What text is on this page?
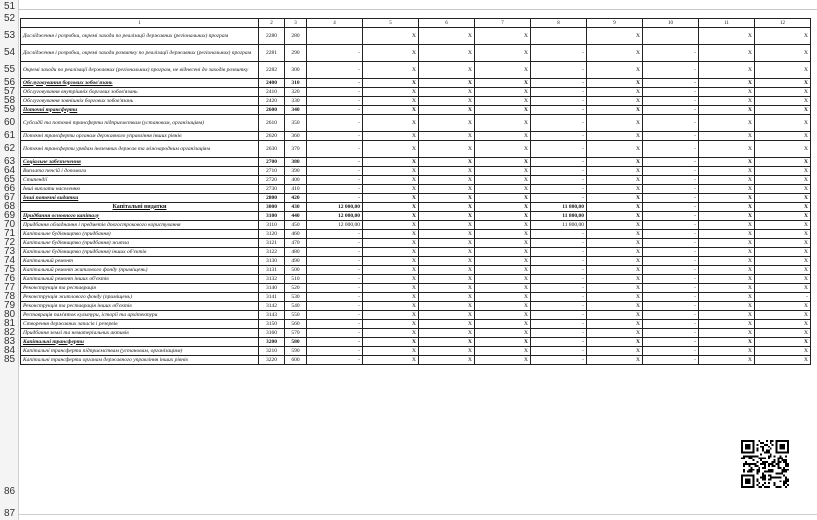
51
52
53
54
55
56
57
58
59
60
61
62
63
64
65
66
67
68
69
70
71
72
73
74
75
76
77
78
79
80
81
82
83
84
85
86
87
1	2	3	4	5	6	7	8	9	10	11	12
Дослідження і розробки, окремі заходи по реалізації державних (регіональних) програм	2280	280		X	X	X		X		X	X
Дослідження і розробки, окремі заходи розвитку по реалізації державних (регіональних) програм	2281	290	-	X	X	X	-	X	-	X	X
Окремі заходи по реалізації державних (регіональних) програм, не віднесені до заходів розвитку	2282	300	-	X	X	X	-	X	-	X	X
Обслуговування боргових зобов'язань	2400	310	-	X	X	X	-	X	-	X	X
Обслуговування внутрішніх боргових зобов'язань	2410	320	-	X	X	X	-	X	-	X	X
Обслуговування зовнішніх боргових зобов'язань	2420	330	-	X	X	X	-	X	-	X	X
Поточні трансферти	2600	340	-	X	X	X	-	X	-	X	X
Субсидії та поточні трансферти підприємствам (установам, організаціям)	2610	350	-	X	X	X	-	X	-	X	X
Поточні трансферти органам державного управління інших рівнів	2620	360	-	X	X	X	-	X	-	X	X
Поточні трансферти урядам іноземних держав та міжнародним організаціям	2630	370	-	X	X	X	-	X	-	X	X
Соціальне забезпечення	2700	380	-	X	X	X	-	X	-	X	X
Виплата пенсій і допомоги	2710	390	-	X	X	X	-	X	-	X	X
Стипендії	2720	400	-	X	X	X	-	X	-	X	X
Інші виплати населенню	2730	410	-	X	X	X	-	X	-	X	X
Інші поточні видатки	2800	420	-	X	X	X	-	X	-	X	X
Капітальні видатки	3000	430	12 000,00	X	X	X	11 800,00	X	-	X	X
Придбання основного капіталу	3100	440	12 000,00	X	X	X	11 800,00	X	-	X	X
Придбання обладнання і предметів довгострокового користування	3110	450	12 000,00	X	X	X	11 800,00	X	-	X	X
Капітальне будівництво (придбання)	3120	460	-	X	X	X	-	X	-	X	X
Капітальне будівництво (придбання) житла	3121	470	-	X	X	X	-	X	-	X	X
Капітальне будівництво (придбання) інших об'єктів	3122	480	-	X	X	X	-	X	-	X	X
Капітальний ремонт	3130	490	-	X	X	X	-	X	-	X	X
Капітальний ремонт житлового фонду (приміщень)	3131	500	-	X	X	X	-	X	-	X	X
Капітальний ремонт інших об'єктів	3132	510	-	X	X	X	-	X	-	X	X
Реконструкція та реставрація	3140	520	-	X	X	X	-	X	-	X	X
Реконструкція житлового фонду (приміщень)	3141	530	-	X	X	X	-	X	-	X	-
Реконструкція та реставрація інших об'єктів	3142	540	-	X	X	X	-	X	-	X	X
Реставрація пам'яток культури, історії та архітектури	3143	550	-	X	X	X	-	X	-	X	X
Створення державних запасів і резервів	3150	560	-	X	X	X	-	X	-	X	X
Придбання землі та нематеріальних активів	3160	570	-	X	X	X	-	X	-	X	X
Капітальні трансферти	3200	580	-	X	X	X	-	X	-	X	X
Капітальні трансферти підприємствам (установам, організаціям)	3210	590	-	X	X	X	-	X	-	X	X
Капітальні трансферти органам державного управління інших рівнів	3220	600	-	X	X	X	-	X	-	X	X
